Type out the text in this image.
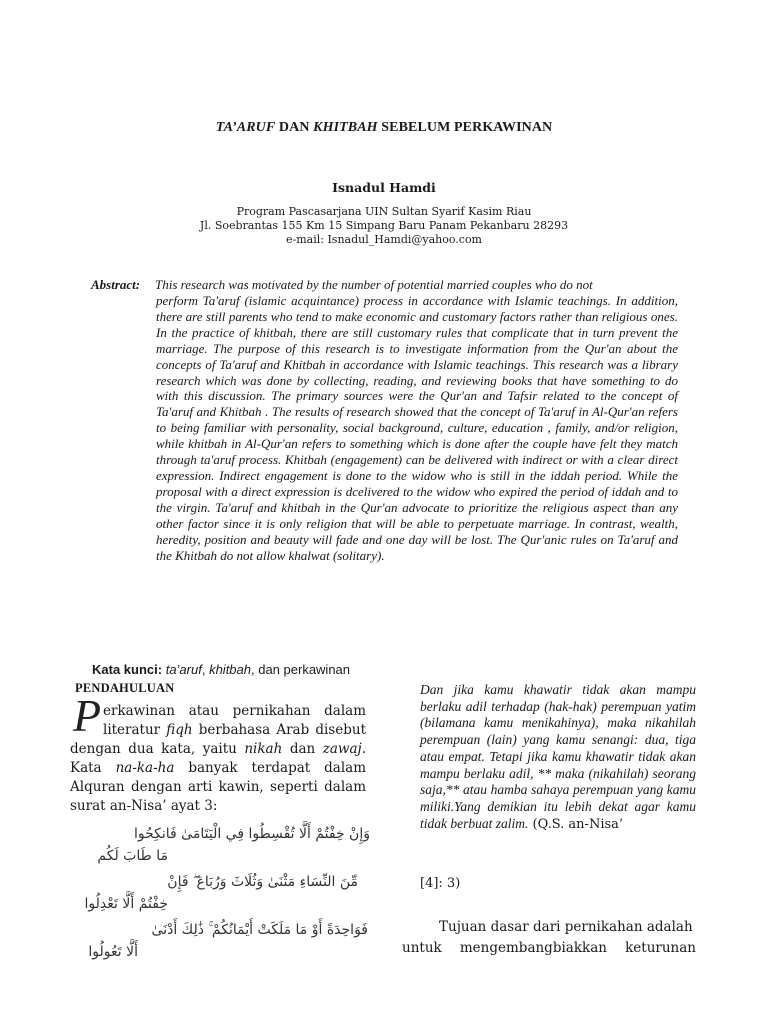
TA’ARUF DAN KHITBAH SEBELUM PERKAWINAN
Isnadul Hamdi
Program Pascasarjana UIN Sultan Syarif Kasim Riau
Jl. Soebrantas 155 Km 15 Simpang Baru Panam Pekanbaru 28293
e-mail: Isnadul_Hamdi@yahoo.com
Abstract: This research was motivated by the number of potential married couples who do not

perform Ta'aruf (islamic acquintance) process in accordance with Islamic teachings. In addition, there are still parents who tend to make economic and customary factors rather than religious ones. In the practice of khitbah, there are still customary rules that complicate that in turn prevent the marriage. The purpose of this research is to investigate information from the Qur'an about the concepts of Ta'aruf and Khitbah in accordance with Islamic teachings. This research was a library research which was done by collecting, reading, and reviewing books that have something to do with this discussion. The primary sources were the Qur'an and Tafsir related to the concept of Ta'aruf and Khitbah . The results of research showed that the concept of Ta'aruf in Al-Qur'an refers to being familiar with personality, social background, culture, education , family, and/or religion, while khitbah in Al-Qur'an refers to something which is done after the couple have felt they match through ta'aruf process. Khitbah (engagement) can be delivered with indirect or with a clear direct expression. Indirect engagement is done to the widow who is still in the iddah period. While the proposal with a direct expression is dcelivered to the widow who expired the period of iddah and to the virgin. Ta'aruf and khitbah in the Qur'an advocate to prioritize the religious aspect than any other factor since it is only religion that will be able to perpetuate marriage. In contrast, wealth, heredity, position and beauty will fade and one day will be lost. The Qur'anic rules on Ta'aruf and the Khitbah do not allow khalwat (solitary).

Kata kunci: ta’aruf, khitbah, dan perkawinan
PENDAHULUAN
P erkawinan atau pernikahan dalam
literatur fiqh berbahasa Arab disebut
dengan dua kata, yaitu nikah dan zawaj.
Kata na-ka-ha banyak terdapat dalam
Alquran dengan arti kawin, seperti dalam
surat an-Nisa’ ayat 3:
وَإِنْ خِفْتُمْ أَلَّا تُقْسِطُوا فِي الْيَتَامَىٰ فَانكِحُوا
مَا طَابَ لَكُم
مِّنَ النِّسَاءِ مَثْنَىٰ وَثُلَاثَ وَرُبَاعَ ۖ فَإِنْ
خِفْتُمْ أَلَّا تَعْدِلُوا
فَوَاحِدَةً أَوْ مَا مَلَكَتْ أَيْمَانُكُمْ ۚ ذَٰلِكَ أَدْنَىٰ
أَلَّا تَعُولُوا

Dan jika kamu khawatir tidak akan mampu berlaku adil terhadap (hak-hak) perempuan yatim (bilamana kamu menikahinya), maka nikahilah perempuan (lain) yang kamu senangi: dua, tiga atau empat. Tetapi jika kamu khawatir tidak akan mampu berlaku adil, ** maka (nikahilah) seorang saja,** atau hamba sahaya perempuan yang kamu miliki.Yang demikian itu lebih dekat agar kamu tidak berbuat zalim. (Q.S. an-Nisa’

[4]: 3)
Tujuan dasar dari pernikahan adalah
untuk mengembangbiakkan keturunan
